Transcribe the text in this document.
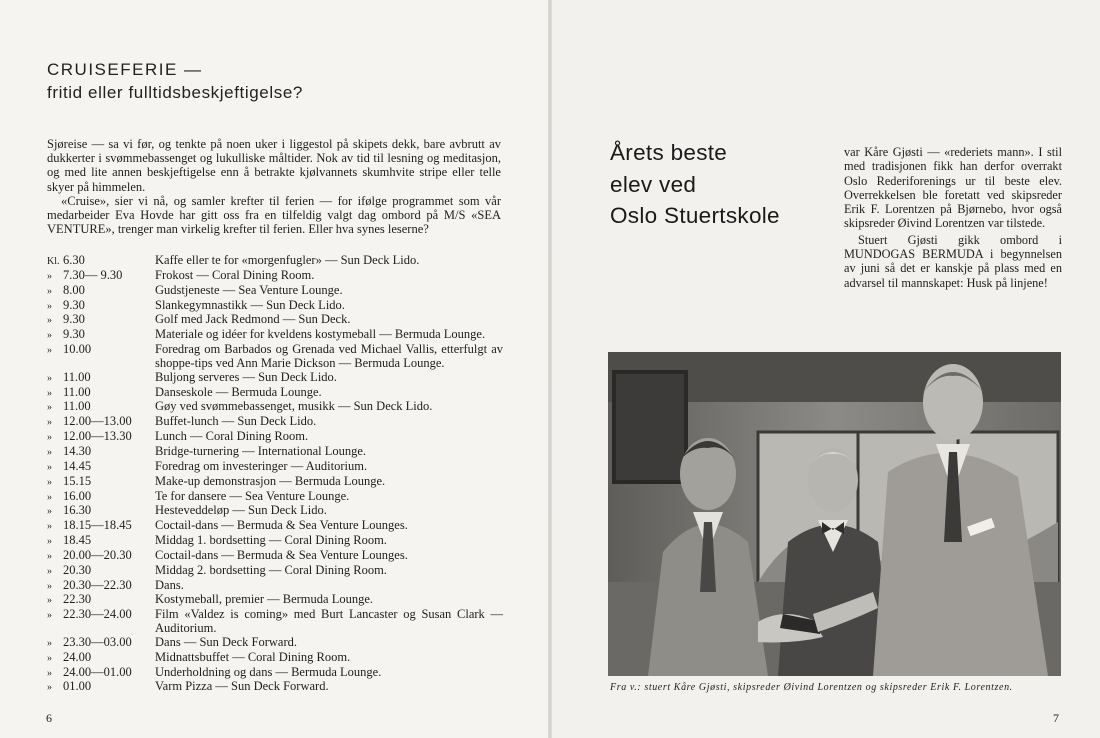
CRUISEFERIE —
fritid eller fulltidsbeskjeftigelse?

Sjøreise — sa vi før, og tenkte på noen uker i liggestol på skipets dekk, bare avbrutt av dukkerter i svømmebassenget og lukulliske måltider. Nok av tid til lesning og meditasjon, og med lite annen beskjeftigelse enn å betrakte kjølvannets skumhvite stripe eller telle skyer på himmelen.

«Cruise», sier vi nå, og samler krefter til ferien — for ifølge programmet som vår medarbeider Eva Hovde har gitt oss fra en tilfeldig valgt dag ombord på M/S «SEA VENTURE», trenger man virkelig krefter til ferien. Eller hva synes leserne?

Kl. 6.30	Kaffe eller te for «morgenfugler» — Sun Deck Lido.
» 7.30— 9.30	Frokost — Coral Dining Room.
» 8.00	Gudstjeneste — Sea Venture Lounge.
» 9.30	Slankegymnastikk — Sun Deck Lido.
» 9.30	Golf med Jack Redmond — Sun Deck.
» 9.30	Materiale og idéer for kveldens kostymeball — Bermuda Lounge.
» 10.00	Foredrag om Barbados og Grenada ved Michael Vallis, etterfulgt av shoppe-tips ved Ann Marie Dickson — Bermuda Lounge.
» 11.00	Buljong serveres — Sun Deck Lido.
» 11.00	Danseskole — Bermuda Lounge.
» 11.00	Gøy ved svømmebassenget, musikk — Sun Deck Lido.
» 12.00—13.00	Buffet-lunch — Sun Deck Lido.
» 12.00—13.30	Lunch — Coral Dining Room.
» 14.30	Bridge-turnering — International Lounge.
» 14.45	Foredrag om investeringer — Auditorium.
» 15.15	Make-up demonstrasjon — Bermuda Lounge.
» 16.00	Te for dansere — Sea Venture Lounge.
» 16.30	Hesteveddeløp — Sun Deck Lido.
» 18.15—18.45	Coctail-dans — Bermuda & Sea Venture Lounges.
» 18.45	Middag 1. bordsetting — Coral Dining Room.
» 20.00—20.30	Coctail-dans — Bermuda & Sea Venture Lounges.
» 20.30	Middag 2. bordsetting — Coral Dining Room.
» 20.30—22.30	Dans.
» 22.30	Kostymeball, premier — Bermuda Lounge.
» 22.30—24.00	Film «Valdez is coming» med Burt Lancaster og Susan Clark — Auditorium.
» 23.30—03.00	Dans — Sun Deck Forward.
» 24.00	Midnattsbuffet — Coral Dining Room.
» 24.00—01.00	Underholdning og dans — Bermuda Lounge.
» 01.00	Varm Pizza — Sun Deck Forward.
6
Årets beste
elev ved
Oslo Stuertskole

var Kåre Gjøsti — «rederiets mann». I stil med tradisjonen fikk han derfor overrakt Oslo Rederiforenings ur til beste elev. Overrekkelsen ble foretatt ved skipsreder Erik F. Lorentzen på Bjørnebo, hvor også skipsreder Øivind Lorentzen var tilstede.

Stuert Gjøsti gikk ombord i MUNDOGAS BERMUDA i begynnelsen av juni så det er kanskje på plass med en advarsel til mannskapet: Husk på linjene!

Fra v.: stuert Kåre Gjøsti, skipsreder Øivind Lorentzen og skipsreder Erik F. Lorentzen.
7
